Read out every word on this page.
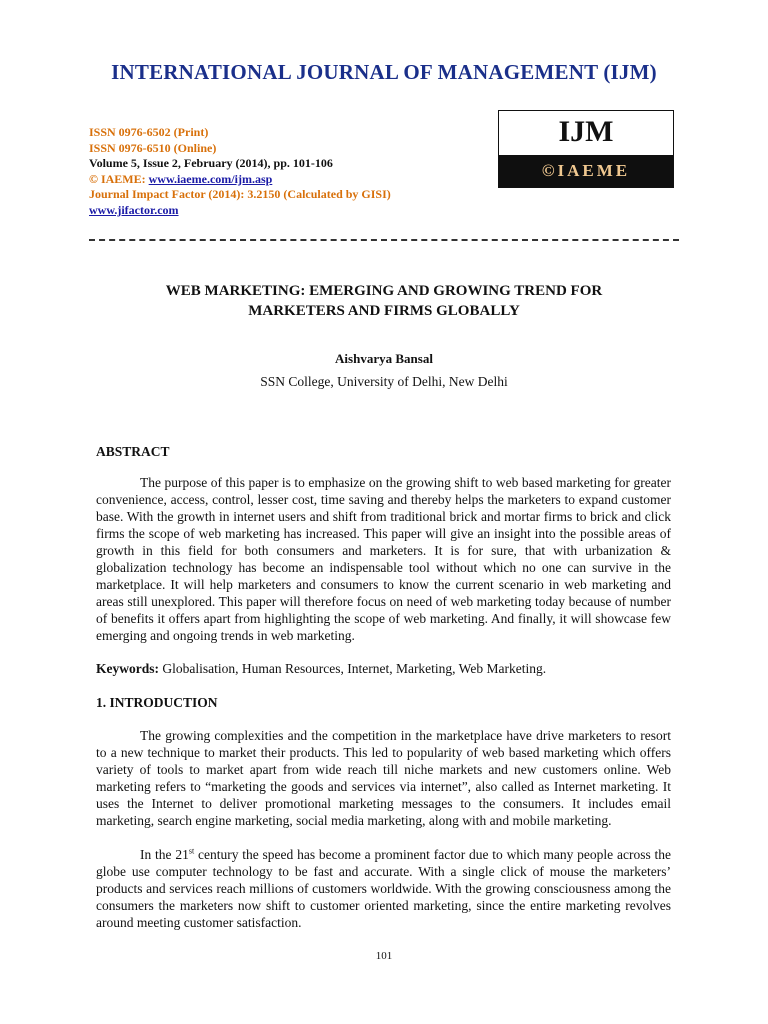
INTERNATIONAL JOURNAL OF MANAGEMENT (IJM)
ISSN 0976-6502 (Print)
ISSN 0976-6510 (Online)
Volume 5, Issue 2, February (2014), pp. 101-106
© IAEME: www.iaeme.com/ijm.asp
Journal Impact Factor (2014): 3.2150 (Calculated by GISI)
www.jifactor.com
IJM
©IAEME
WEB MARKETING: EMERGING AND GROWING TREND FOR
MARKETERS AND FIRMS GLOBALLY
Aishvarya Bansal
SSN College, University of Delhi, New Delhi
ABSTRACT

The purpose of this paper is to emphasize on the growing shift to web based marketing for greater convenience, access, control, lesser cost, time saving and thereby helps the marketers to expand customer base. With the growth in internet users and shift from traditional brick and mortar firms to brick and click firms the scope of web marketing has increased. This paper will give an insight into the possible areas of growth in this field for both consumers and marketers. It is for sure, that with urbanization & globalization technology has become an indispensable tool without which no one can survive in the marketplace. It will help marketers and consumers to know the current scenario in web marketing and areas still unexplored. This paper will therefore focus on need of web marketing today because of number of benefits it offers apart from highlighting the scope of web marketing. And finally, it will showcase few emerging and ongoing trends in web marketing.

Keywords: Globalisation, Human Resources, Internet, Marketing, Web Marketing.
1. INTRODUCTION

The growing complexities and the competition in the marketplace have drive marketers to resort to a new technique to market their products. This led to popularity of web based marketing which offers variety of tools to market apart from wide reach till niche markets and new customers online. Web marketing refers to “marketing the goods and services via internet”, also called as Internet marketing. It uses the Internet to deliver promotional marketing messages to the consumers. It includes email marketing, search engine marketing, social media marketing, along with and mobile marketing.

In the 21st century the speed has become a prominent factor due to which many people across the globe use computer technology to be fast and accurate. With a single click of mouse the marketers’ products and services reach millions of customers worldwide. With the growing consciousness among the consumers the marketers now shift to customer oriented marketing, since the entire marketing revolves around meeting customer satisfaction.

101
